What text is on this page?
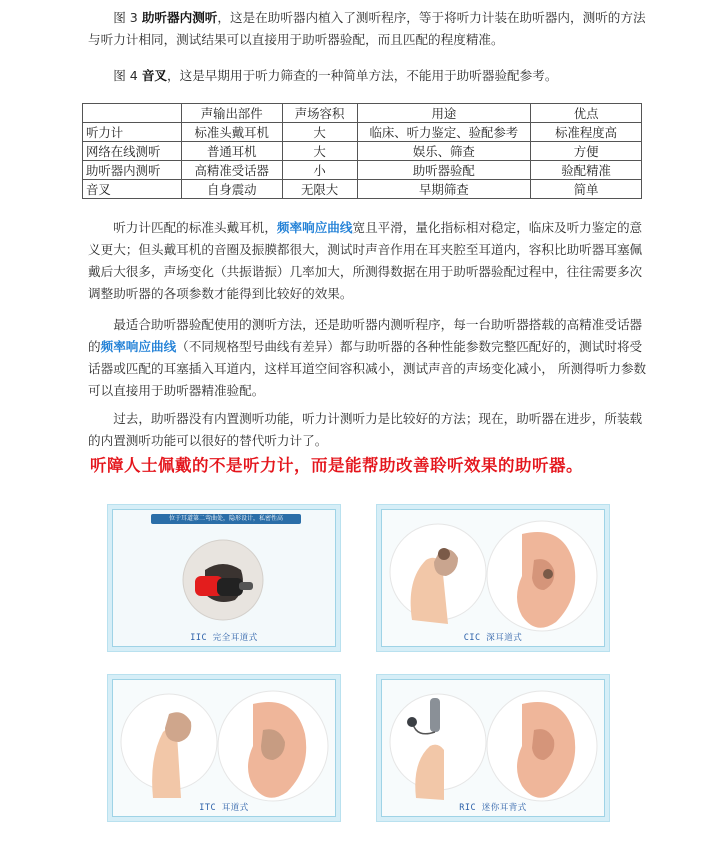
图 3 助听器内测听，这是在助听器内植入了测听程序，等于将听力计装在助听器内，测听的方法与听力计相同，测试结果可以直接用于助听器验配，而且匹配的程度精准。
图 4 音叉，这是早期用于听力筛查的一种简单方法，不能用于助听器验配参考。
	声输出部件	声场容积	用途	优点
听力计	标准头戴耳机	大	临床、听力鉴定、验配参考	标准程度高
网络在线测听	普通耳机	大	娱乐、筛查	方便
助听器内测听	高精准受话器	小	助听器验配	验配精准
音叉	自身震动	无限大	早期筛查	简单
听力计匹配的标准头戴耳机，频率响应曲线宽且平滑，量化指标相对稳定，临床及听力鉴定的意义更大；但头戴耳机的音圈及振膜都很大，测试时声音作用在耳夹腔至耳道内，容积比助听器耳塞佩戴后大很多，声场变化（共振谐振）几率加大，所测得数据在用于助听器验配过程中，往往需要多次调整助听器的各项参数才能得到比较好的效果。
最适合助听器验配使用的测听方法，还是助听器内测听程序，每一台助听器搭载的高精准受话器的频率响应曲线（不同规格型号曲线有差异）都与助听器的各种性能参数完整匹配好的，测试时将受话器或匹配的耳塞插入耳道内，这样耳道空间容积减小，测试声音的声场变化减小， 所测得听力参数可以直接用于助听器精准验配。
过去，助听器没有内置测听功能，听力计测听力是比较好的方法；现在，助听器在进步，所装载的内置测听功能可以很好的替代听力计了。
听障人士佩戴的不是听力计，而是能帮助改善聆听效果的助听器。
位于耳道第二弯曲处，隐形设计，私密性高
IIC 完全耳道式	CIC 深耳道式
ITC 耳道式	RIC 迷你耳背式
